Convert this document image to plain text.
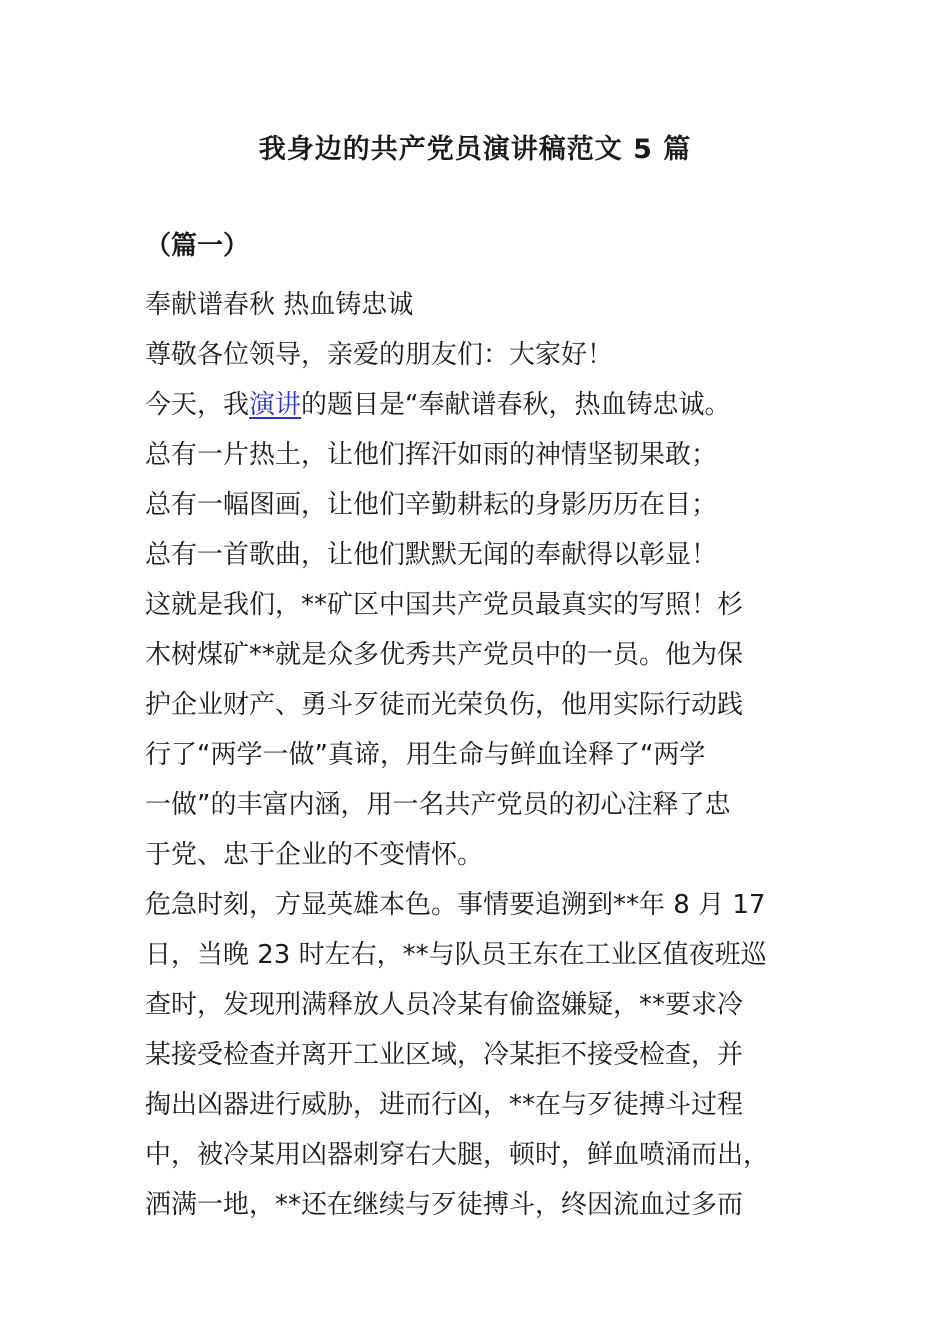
我身边的共产党员演讲稿范文 5 篇
（篇一）
奉献谱春秋 热血铸忠诚
尊敬各位领导，亲爱的朋友们：大家好！
今天，我演讲的题目是“奉献谱春秋，热血铸忠诚。
总有一片热土，让他们挥汗如雨的神情坚韧果敢；
总有一幅图画，让他们辛勤耕耘的身影历历在目；
总有一首歌曲，让他们默默无闻的奉献得以彰显！
这就是我们，**矿区中国共产党员最真实的写照！杉
木树煤矿**就是众多优秀共产党员中的一员。他为保
护企业财产、勇斗歹徒而光荣负伤，他用实际行动践
行了“两学一做”真谛，用生命与鲜血诠释了“两学
一做”的丰富内涵，用一名共产党员的初心注释了忠
于党、忠于企业的不变情怀。
危急时刻，方显英雄本色。事情要追溯到**年 8 月 17
日，当晚 23 时左右，**与队员王东在工业区值夜班巡
查时，发现刑满释放人员冷某有偷盗嫌疑，**要求冷
某接受检查并离开工业区域，冷某拒不接受检查，并
掏出凶器进行威胁，进而行凶，**在与歹徒搏斗过程
中，被冷某用凶器刺穿右大腿，顿时，鲜血喷涌而出，
洒满一地，**还在继续与歹徒搏斗，终因流血过多而
